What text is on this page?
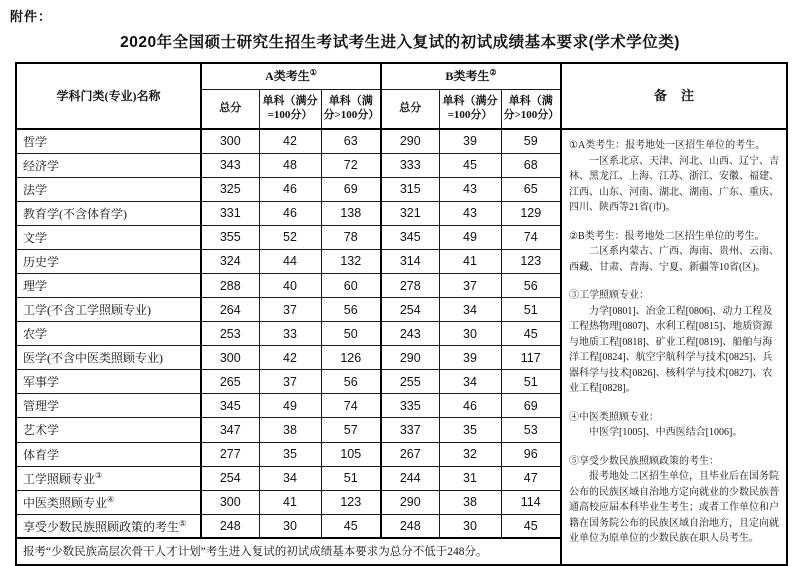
附件：
2020年全国硕士研究生招生考试考生进入复试的初试成绩基本要求(学术学位类)
学科门类(专业)名称	A类考生①			B类考生②			备注
	总分	单科（满分=100分）	单科（满分>100分）	总分	单科（满分=100分）	单科（满分>100分）	
哲学	300	42	63	290	39	59	①A类考生：报考地处一区招生单位的考生。
一区系北京、天津、河北、山西、辽宁、吉林、黑龙江、上海、江苏、浙江、安徽、福建、江西、山东、河南、湖北、湖南、广东、重庆、四川、陕西等21省(市)。
②B类考生：报考地处二区招生单位的考生。
二区系内蒙古、广西、海南、贵州、云南、西藏、甘肃、青海、宁夏、新疆等10省(区)。
③工学照顾专业：
力学[0801]、冶金工程[0806]、动力工程及工程热物理[0807]、水利工程[0815]、地质资源与地质工程[0818]、矿业工程[0819]、船舶与海洋工程[0824]、航空宇航科学与技术[0825]、兵器科学与技术[0826]、核科学与技术[0827]、农业工程[0828]。
④中医类照顾专业：
中医学[1005]、中西医结合[1006]。
⑤享受少数民族照顾政策的考生：
报考地处二区招生单位，且毕业后在国务院公布的民族区域自治地方定向就业的少数民族普通高校应届本科毕业生考生；或者工作单位和户籍在国务院公布的民族区域自治地方，且定向就业单位为原单位的少数民族在职人员考生。

经济学	343	48	72	333	45	68	
法学	325	46	69	315	43	65	
教育学(不含体育学)	331	46	138	321	43	129	
文学	355	52	78	345	49	74	
历史学	324	44	132	314	41	123	
理学	288	40	60	278	37	56	
工学(不含工学照顾专业)	264	37	56	254	34	51	
农学	253	33	50	243	30	45	
医学(不含中医类照顾专业)	300	42	126	290	39	117	
军事学	265	37	56	255	34	51	
管理学	345	49	74	335	46	69	
艺术学	347	38	57	337	35	53	
体育学	277	35	105	267	32	96	
工学照顾专业③	254	34	51	244	31	47	
中医类照顾专业④	300	41	123	290	38	114	
享受少数民族照顾政策的考生⑤	248	30	45	248	30	45	
报考“少数民族高层次骨干人才计划”考生进入复试的初试成绩基本要求为总分不低于248分。							
